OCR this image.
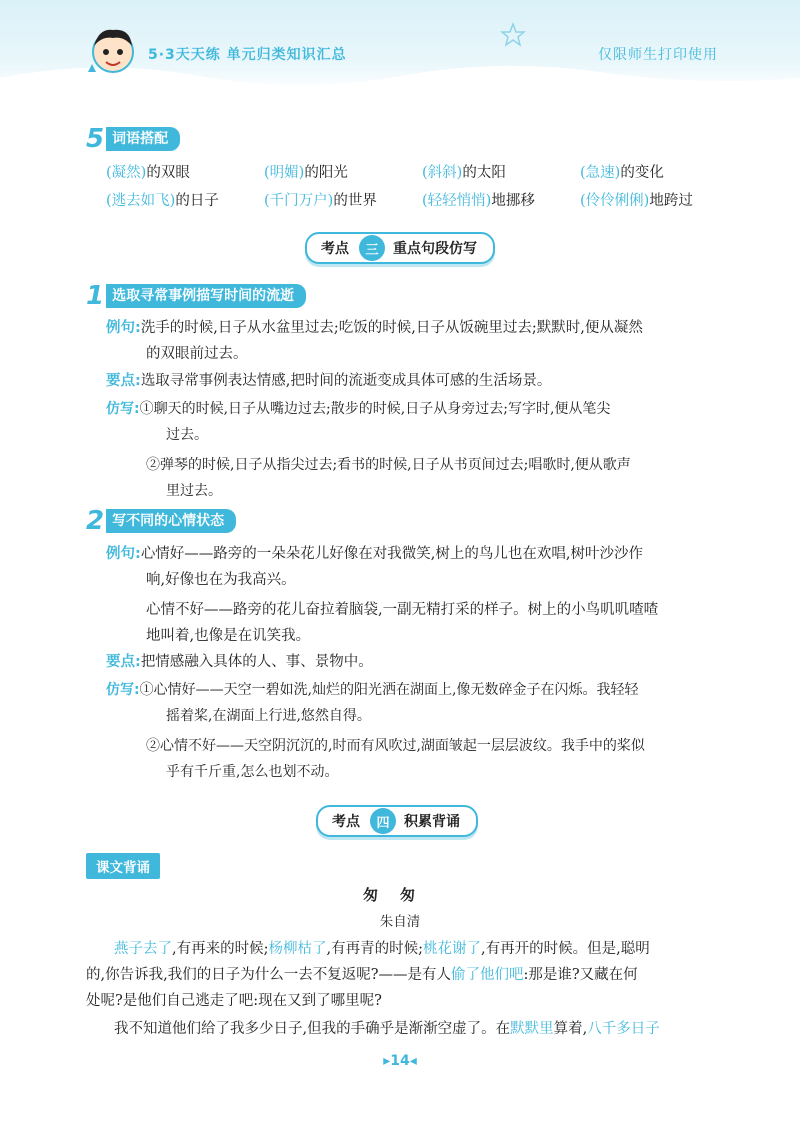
5·3天天练 单元归类知识汇总	仅限师生打印使用
5 词语搭配
(凝然)的双眼	(明媚)的阳光	(斜斜)的太阳	(急速)的变化
(逃去如飞)的日子	(千门万户)的世界	(轻轻悄悄)地挪移	(伶伶俐俐)地跨过
考点	三	重点句段仿写
1 选取寻常事例描写时间的流逝
例句:洗手的时候,日子从水盆里过去;吃饭的时候,日子从饭碗里过去;默默时,便从凝然
的双眼前过去。
要点:选取寻常事例表达情感,把时间的流逝变成具体可感的生活场景。
仿写:①聊天的时候,日子从嘴边过去;散步的时候,日子从身旁过去;写字时,便从笔尖
过去。
②弹琴的时候,日子从指尖过去;看书的时候,日子从书页间过去;唱歌时,便从歌声
里过去。
2 写不同的心情状态
例句:心情好——路旁的一朵朵花儿好像在对我微笑,树上的鸟儿也在欢唱,树叶沙沙作
响,好像也在为我高兴。
心情不好——路旁的花儿奋拉着脑袋,一副无精打采的样子。树上的小鸟叽叽喳喳
地叫着,也像是在讥笑我。
要点:把情感融入具体的人、事、景物中。
仿写:①心情好——天空一碧如洗,灿烂的阳光洒在湖面上,像无数碎金子在闪烁。我轻轻
摇着桨,在湖面上行进,悠然自得。
②心情不好——天空阴沉沉的,时而有风吹过,湖面皱起一层层波纹。我手中的桨似
乎有千斤重,怎么也划不动。
考点	四	积累背诵
课文背诵
匆匆
朱自清
燕子去了,有再来的时候;杨柳枯了,有再青的时候;桃花谢了,有再开的时候。但是,聪明
的,你告诉我,我们的日子为什么一去不复返呢?——是有人偷了他们吧:那是谁?又藏在何
处呢?是他们自己逃走了吧:现在又到了哪里呢?
我不知道他们给了我多少日子,但我的手确乎是渐渐空虚了。在默默里算着,八千多日子
▸14◂
